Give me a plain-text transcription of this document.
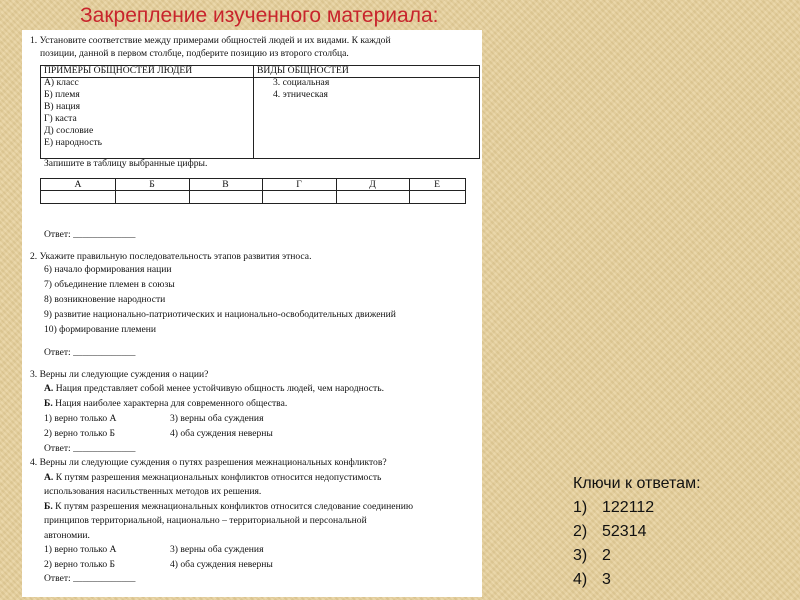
Закрепление изученного материала:
1. Установите соответствие между примерами общностей людей и их видами. К каждой
позиции, данной в первом столбце, подберите позицию из второго столбца.
ПРИМЕРЫ ОБЩНОСТЕЙ ЛЮДЕЙ	ВИДЫ ОБЩНОСТЕЙ
А) класс
Б) племя
В) нация
Г) каста
Д) сословие
Е) народность
3. социальная
4. этническая
Запишите в таблицу выбранные цифры.
А	Б	В	Г	Д	Е
Ответ: _____________
2. Укажите правильную последовательность этапов развития этноса.
6) начало формирования нации
7) объединение племен в союзы
8) возникновение народности
9) развитие национально-патриотических и национально-освободительных движений
10) формирование племени
Ответ: _____________
3. Верны ли следующие суждения о нации?
А. Нация представляет собой менее устойчивую общность людей, чем народность.
Б. Нация наиболее характерна для современного общества.
1) верно только А	3) верны оба суждения
2) верно только Б	4) оба суждения неверны
Ответ: _____________
4. Верны ли следующие суждения о путях разрешения межнациональных конфликтов?
А. К путям разрешения межнациональных конфликтов относится недопустимость
использования насильственных методов их решения.
Б. К путям разрешения межнациональных конфликтов относится следование соединению
принципов территориальной, национально – территориальной и персональной
автономии.
1) верно только А	3) верны оба суждения
2) верно только Б	4) оба суждения неверны
Ответ: _____________
Ключи к ответам:
1) 122112
2) 52314
3) 2
4) 3
